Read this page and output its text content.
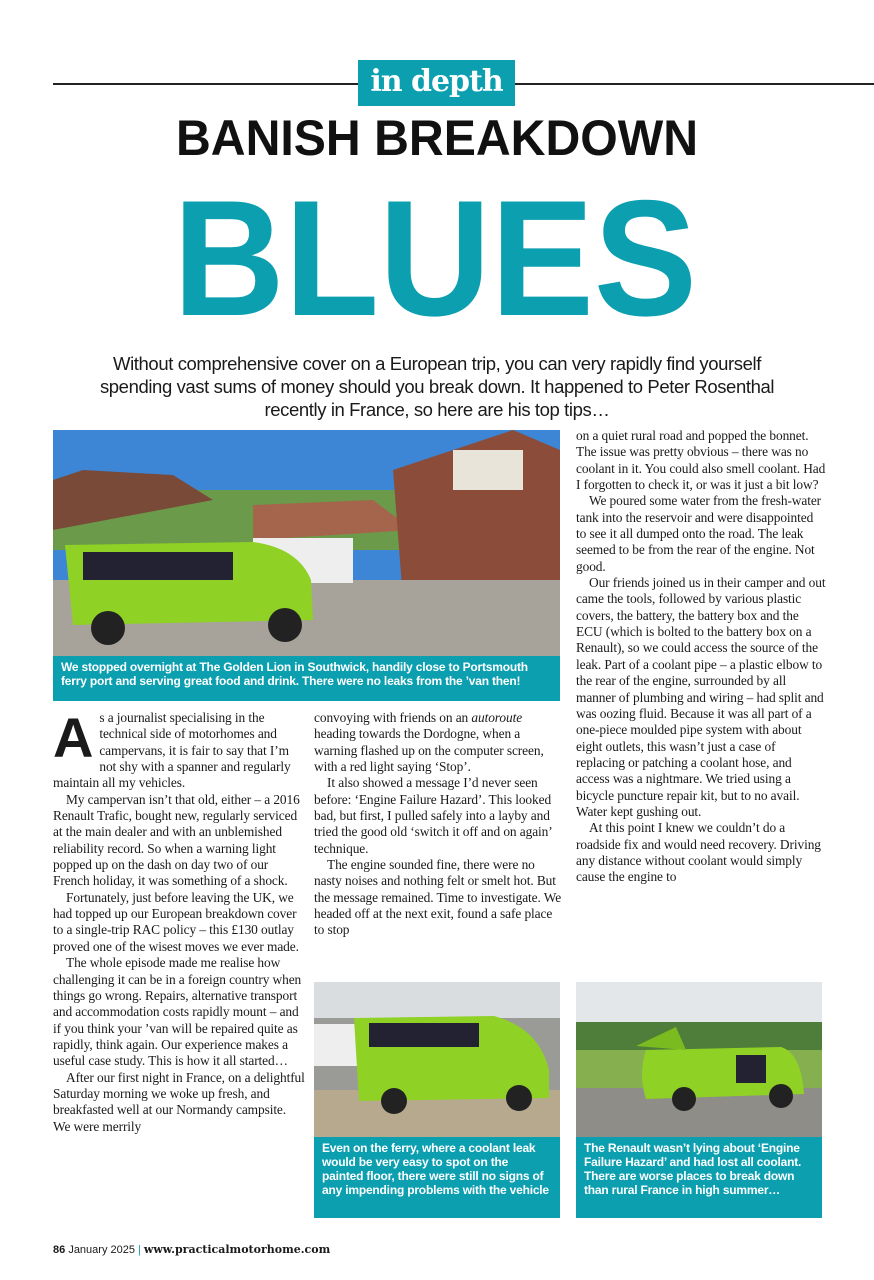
in depth
BANISH BREAKDOWN
BLUES
Without comprehensive cover on a European trip, you can very rapidly find yourself spending vast sums of money should you break down. It happened to Peter Rosenthal recently in France, so here are his top tips…
We stopped overnight at The Golden Lion in Southwick, handily close to Portsmouth ferry port and serving great food and drink. There were no leaks from the ’van then!

As a journalist specialising in the technical side of motorhomes and campervans, it is fair to say that I’m not shy with a spanner and regularly maintain all my vehicles.

My campervan isn’t that old, either – a 2016 Renault Trafic, bought new, regularly serviced at the main dealer and with an unblemished reliability record. So when a warning light popped up on the dash on day two of our French holiday, it was something of a shock.

Fortunately, just before leaving the UK, we had topped up our European breakdown cover to a single-trip RAC policy – this £130 outlay proved one of the wisest moves we ever made.

The whole episode made me realise how challenging it can be in a foreign country when things go wrong. Repairs, alternative transport and accommodation costs rapidly mount – and if you think your ’van will be repaired quite as rapidly, think again. Our experience makes a useful case study. This is how it all started…

After our first night in France, on a delightful Saturday morning we woke up fresh, and breakfasted well at our Normandy campsite. We were merrily

convoying with friends on an autoroute heading towards the Dordogne, when a warning flashed up on the computer screen, with a red light saying ‘Stop’.

It also showed a message I’d never seen before: ‘Engine Failure Hazard’. This looked bad, but first, I pulled safely into a layby and tried the good old ‘switch it off and on again’ technique.

The engine sounded fine, there were no nasty noises and nothing felt or smelt hot. But the message remained. Time to investigate. We headed off at the next exit, found a safe place to stop

on a quiet rural road and popped the bonnet. The issue was pretty obvious – there was no coolant in it. You could also smell coolant. Had I forgotten to check it, or was it just a bit low?

We poured some water from the fresh-water tank into the reservoir and were disappointed to see it all dumped onto the road. The leak seemed to be from the rear of the engine. Not good.

Our friends joined us in their camper and out came the tools, followed by various plastic covers, the battery, the battery box and the ECU (which is bolted to the battery box on a Renault), so we could access the source of the leak. Part of a coolant pipe – a plastic elbow to the rear of the engine, surrounded by all manner of plumbing and wiring – had split and was oozing fluid. Because it was all part of a one-piece moulded pipe system with about eight outlets, this wasn’t just a case of replacing or patching a coolant hose, and access was a nightmare. We tried using a bicycle puncture repair kit, but to no avail. Water kept gushing out.

At this point I knew we couldn’t do a roadside fix and would need recovery. Driving any distance without coolant would simply cause the engine to

Even on the ferry, where a coolant leak would be very easy to spot on the painted floor, there were still no signs of any impending problems with the vehicle
The Renault wasn’t lying about ‘Engine Failure Hazard’ and had lost all coolant. There are worse places to break down than rural France in high summer…
86 January 2025 | www.practicalmotorhome.com
